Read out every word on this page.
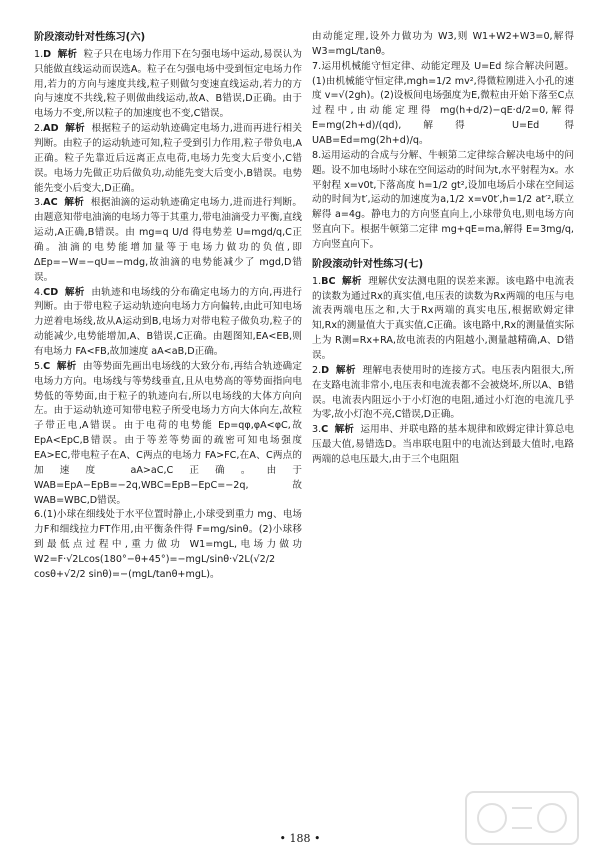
阶段滚动针对性练习(六)

1.D 解析 粒子只在电场力作用下在匀强电场中运动,易误认为只能做直线运动而误选A。粒子在匀强电场中受到恒定电场力作用,若力的方向与速度共线,粒子则做匀变速直线运动,若力的方向与速度不共线,粒子则做曲线运动,故A、B错误,D正确。由于电场力不变,所以粒子的加速度也不变,C错误。

2.AD 解析 根据粒子的运动轨迹确定电场力,进而再进行相关判断。由粒子的运动轨迹可知,粒子受到引力作用,粒子带负电,A正确。粒子先靠近后远离正点电荷,电场力先变大后变小,C错误。电场力先做正功后做负功,动能先变大后变小,B错误。电势能先变小后变大,D正确。

3.AC 解析 根据油滴的运动轨迹确定电场力,进而进行判断。由题意知带电油滴的电场力等于其重力,带电油滴受力平衡,直线运动,A正确,B错误。由 mg=q U/d 得电势差 U=mgd/q,C正确。油滴的电势能增加量等于电场力做功的负值,即 ΔEp=−W=−qU=−mdg,故油滴的电势能减少了 mgd,D错误。

4.CD 解析 由轨迹和电场线的分布确定电场力的方向,再进行判断。由于带电粒子运动轨迹向电场力方向偏转,由此可知电场力逆着电场线,故从A运动到B,电场力对带电粒子做负功,粒子的动能减少,电势能增加,A、B错误,C正确。由题图知,EA<EB,则有电场力 FA<FB,故加速度 aA<aB,D正确。

5.C 解析 由等势面先画出电场线的大致分布,再结合轨迹确定电场力方向。电场线与等势线垂直,且从电势高的等势面指向电势低的等势面,由于粒子的轨迹向右,所以电场线的大体方向向左。由于运动轨迹可知带电粒子所受电场力方向大体向左,故粒子带正电,A错误。由于电荷的电势能 Ep=qφ,φA<φC,故 EpA<EpC,B错误。由于等差等势面的疏密可知电场强度 EA>EC,带电粒子在A、C两点的电场力 FA>FC,在A、C两点的加速度 aA>aC,C正确。由于 WAB=EpA−EpB=−2q,WBC=EpB−EpC=−2q,故 WAB=WBC,D错误。

6.(1)小球在细线处于水平位置时静止,小球受到重力 mg、电场力F和细线拉力FT作用,由平衡条件得 F=mg/sinθ。(2)小球移到最低点过程中,重力做功 W1=mgL,电场力做功 W2=F·√2Lcos(180°−θ+45°)=−mgL/sinθ·√2L(√2/2 cosθ+√2/2 sinθ)=−(mgL/tanθ+mgL)。

由动能定理,设外力做功为 W3,则 W1+W2+W3=0,解得 W3=mgL/tanθ。

7.运用机械能守恒定律、动能定理及 U=Ed 综合解决问题。(1)由机械能守恒定律,mgh=1/2 mv²,得微粒刚进入小孔的速度 v=√(2gh)。(2)设板间电场强度为E,微粒由开始下落至C点过程中,由动能定理得 mg(h+d/2)−qE·d/2=0,解得 E=mg(2h+d)/(qd),解得 U=Ed 得 UAB=Ed=mg(2h+d)/q。

8.运用运动的合成与分解、牛顿第二定律综合解决电场中的问题。设不加电场时小球在空间运动的时间为t,水平射程为x。水平射程 x=v0t,下落高度 h=1/2 gt²,设加电场后小球在空间运动的时间为t′,运动的加速度为a,1/2 x=v0t′,h=1/2 at′²,联立解得 a=4g。静电力的方向竖直向上,小球带负电,则电场方向竖直向下。根据牛顿第二定律 mg+qE=ma,解得 E=3mg/q,方向竖直向下。

阶段滚动针对性练习(七)

1.BC 解析 理解伏安法测电阻的误差来源。该电路中电流表的读数为通过Rx的真实值,电压表的读数为Rx两端的电压与电流表两端电压之和,大于Rx两端的真实电压,根据欧姆定律知,Rx的测量值大于真实值,C正确。该电路中,Rx的测量值实际上为 R测=Rx+RA,故电流表的内阻越小,测量越精确,A、D错误。

2.D 解析 理解电表使用时的连接方式。电压表内阻很大,所在支路电流非常小,电压表和电流表都不会被烧坏,所以A、B错误。电流表内阻远小于小灯泡的电阻,通过小灯泡的电流几乎为零,故小灯泡不亮,C错误,D正确。

3.C 解析 运用串、并联电路的基本规律和欧姆定律计算总电压最大值,易错选D。当串联电阻中的电流达到最大值时,电路两端的总电压最大,由于三个电阻阻

• 188 •
